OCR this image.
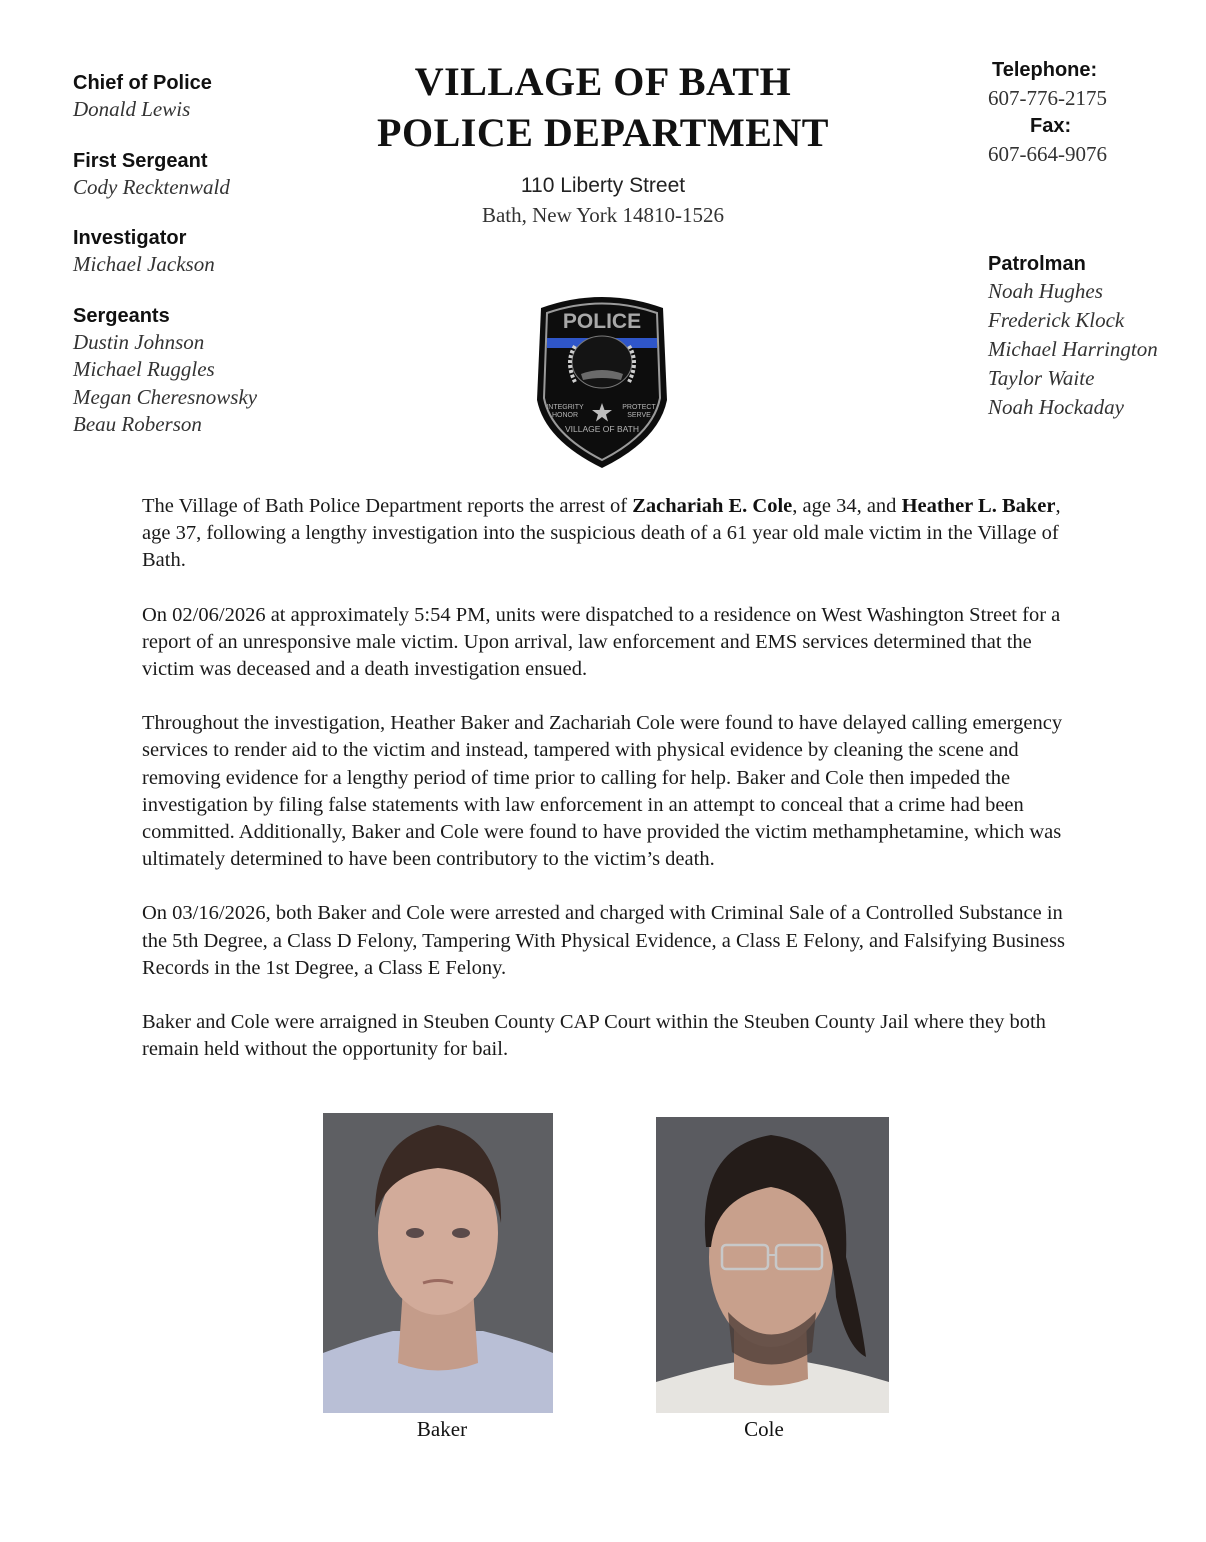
Chief of Police

Donald Lewis

First Sergeant

Cody Recktenwald

Investigator

Michael Jackson

Sergeants

Dustin Johnson

Michael Ruggles

Megan Cheresnowsky

Beau Roberson

VILLAGE OF BATH
POLICE DEPARTMENT
110 Liberty Street
Bath, New York 14810-1526

Telephone:

607-776-2175

Fax:

607-664-9076

Patrolman

Noah Hughes

Frederick Klock

Michael Harrington

Taylor Waite

Noah Hockaday

POLICE
INTEGRITY
HONOR
PROTECT
SERVE
VILLAGE OF BATH

The Village of Bath Police Department reports the arrest of Zachariah E. Cole, age 34, and Heather L. Baker, age 37, following a lengthy investigation into the suspicious death of a 61 year old male victim in the Village of Bath.

On 02/06/2026 at approximately 5:54 PM, units were dispatched to a residence on West Washington Street for a report of an unresponsive male victim. Upon arrival, law enforcement and EMS services determined that the victim was deceased and a death investigation ensued.

Throughout the investigation, Heather Baker and Zachariah Cole were found to have delayed calling emergency services to render aid to the victim and instead, tampered with physical evidence by cleaning the scene and removing evidence for a lengthy period of time prior to calling for help. Baker and Cole then impeded the investigation by filing false statements with law enforcement in an attempt to conceal that a crime had been committed. Additionally, Baker and Cole were found to have provided the victim methamphetamine, which was ultimately determined to have been contributory to the victim’s death.

On 03/16/2026, both Baker and Cole were arrested and charged with Criminal Sale of a Controlled Substance in the 5th Degree, a Class D Felony, Tampering With Physical Evidence, a Class E Felony, and Falsifying Business Records in the 1st Degree, a Class E Felony.

Baker and Cole were arraigned in Steuben County CAP Court within the Steuben County Jail where they both remain held without the opportunity for bail.

Baker	Cole
